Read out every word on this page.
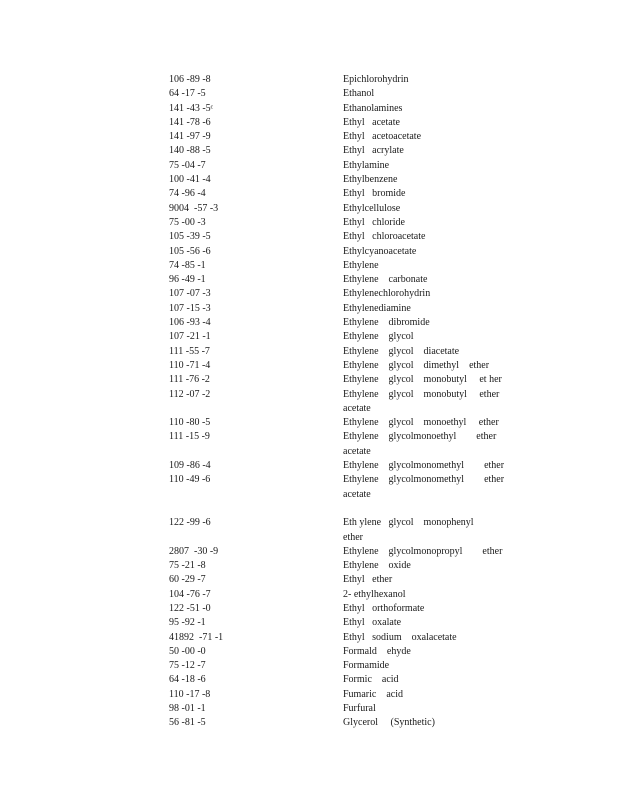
106 -89 -8	Epichlorohydrin
64 -17 -5	Ethanol
141 -43 -5ᶜ	Ethanolamines
141 -78 -6	Ethyl   acetate
141 -97 -9	Ethyl   acetoacetate
140 -88 -5	Ethyl   acrylate
75 -04 -7	Ethylamine
100 -41 -4	Ethylbenzene
74 -96 -4	Ethyl   bromide
9004  -57 -3	Ethylcellulose
75 -00 -3	Ethyl   chloride
105 -39 -5	Ethyl   chloroacetate
105 -56 -6	Ethylcyanoacetate
74 -85 -1	Ethylene
96 -49 -1	Ethylene    carbonate
107 -07 -3	Ethylenechlorohydrin
107 -15 -3	Ethylenediamine
106 -93 -4	Ethylene    dibromide
107 -21 -1	Ethylene    glycol
111 -55 -7	Ethylene    glycol    diacetate
110 -71 -4	Ethylene    glycol    dimethyl    ether
111 -76 -2	Ethylene    glycol    monobutyl     et her
112 -07 -2	Ethylene    glycol    monobutyl     ether
acetate
110 -80 -5	Ethylene    glycol    monoethyl     ether
111 -15 -9	Ethylene    glycolmonoethyl        ether
acetate
109 -86 -4	Ethylene    glycolmonomethyl        ether
110 -49 -6	Ethylene    glycolmonomethyl        ether
acetate

122 -99 -6	Eth ylene   glycol    monophenyl
ether
2807  -30 -9	Ethylene    glycolmonopropyl        ether
75 -21 -8	Ethylene    oxide
60 -29 -7	Ethyl   ether
104 -76 -7	2- ethylhexanol
122 -51 -0	Ethyl   orthoformate
95 -92 -1	Ethyl   oxalate
41892  -71 -1	Ethyl   sodium    oxalacetate
50 -00 -0	Formald    ehyde
75 -12 -7	Formamide
64 -18 -6	Formic    acid
110 -17 -8	Fumaric    acid
98 -01 -1	Furfural
56 -81 -5	Glycerol     (Synthetic)
